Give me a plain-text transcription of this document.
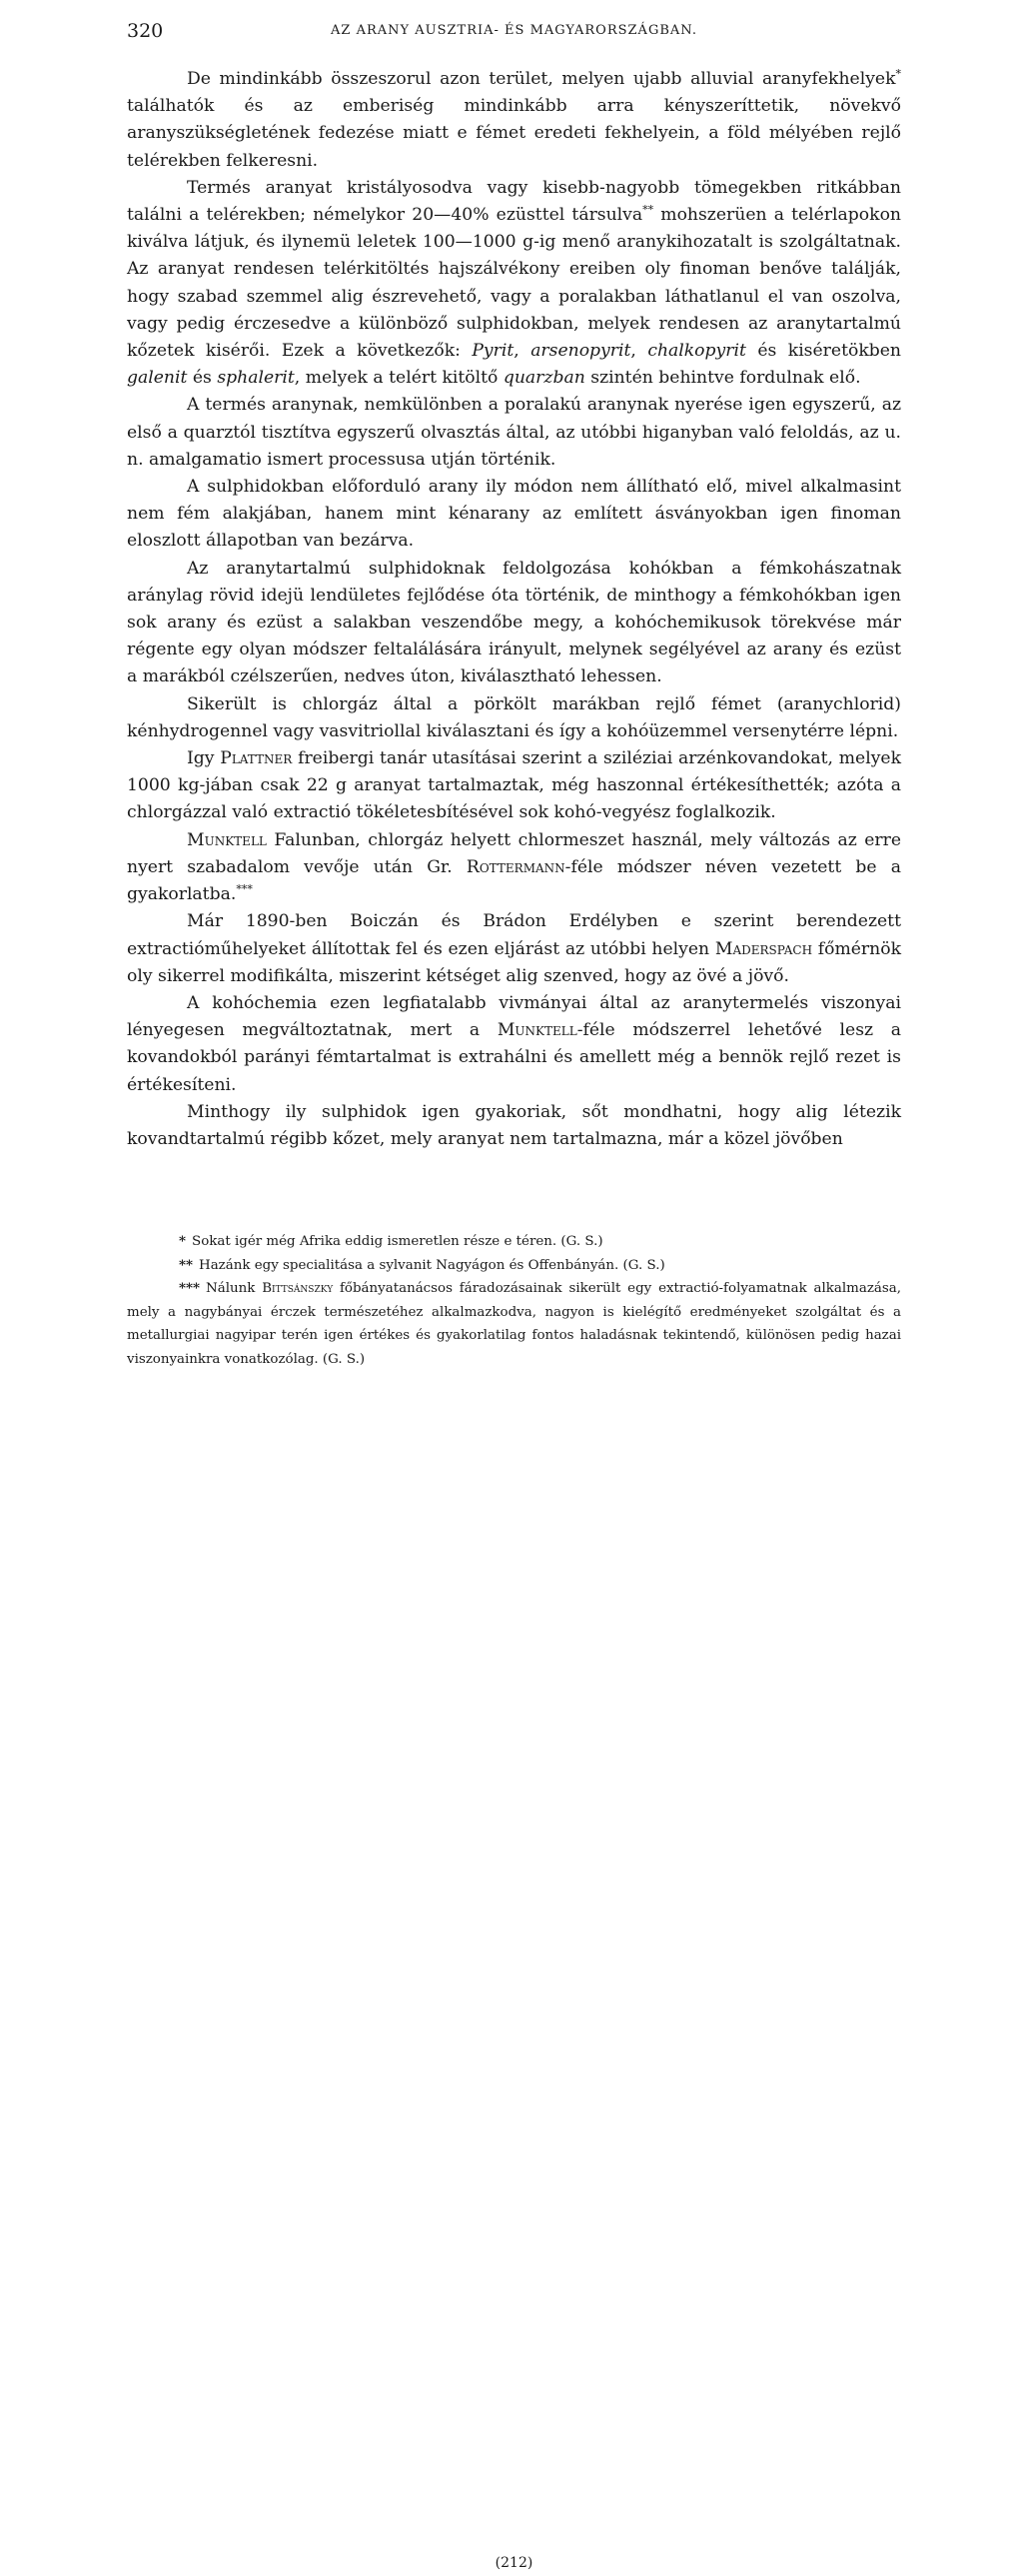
320	AZ ARANY AUSZTRIA- ÉS MAGYARORSZÁGBAN.

De mindinkább összeszorul azon terület, melyen ujabb alluvial aranyfekhelyek* találhatók és az emberiség mindinkább arra kényszeríttetik, növekvő aranyszükségletének fedezése miatt e fémet eredeti fekhelyein, a föld mélyében rejlő telérekben felkeresni.

Termés aranyat kristályosodva vagy kisebb-nagyobb tömegekben ritkábban találni a telérekben; némelykor 20—40% ezüsttel társulva** mohszerüen a telérlapokon kiválva látjuk, és ilynemü leletek 100—1000 g-ig menő aranykihozatalt is szolgáltatnak. Az aranyat rendesen telérkitöltés hajszálvékony ereiben oly finoman benőve találják, hogy szabad szemmel alig észrevehető, vagy a poralakban láthatlanul el van oszolva, vagy pedig érczesedve a különböző sulphidokban, melyek rendesen az aranytartalmú kőzetek kisérői. Ezek a következők: Pyrit, arsenopyrit, chalkopyrit és kiséretökben galenit és sphalerit, melyek a telért kitöltő quarzban szintén behintve fordulnak elő.

A termés aranynak, nemkülönben a poralakú aranynak nyerése igen egyszerű, az első a quarztól tisztítva egyszerű olvasztás által, az utóbbi higanyban való feloldás, az u. n. amalgamatio ismert processusa utján történik.

A sulphidokban előforduló arany ily módon nem állítható elő, mivel alkalmasint nem fém alakjában, hanem mint kénarany az említett ásványokban igen finoman eloszlott állapotban van bezárva.

Az aranytartalmú sulphidoknak feldolgozása kohókban a fémkohászatnak aránylag rövid idejü lendületes fejlődése óta történik, de minthogy a fémkohókban igen sok arany és ezüst a salakban veszendőbe megy, a kohóchemikusok törekvése már régente egy olyan módszer feltalálására irányult, melynek segélyével az arany és ezüst a marákból czélszerűen, nedves úton, kiválasztható lehessen.

Sikerült is chlorgáz által a pörkölt marákban rejlő fémet (aranychlorid) kénhydrogennel vagy vasvitriollal kiválasztani és így a kohóüzemmel versenytérre lépni.

Igy Plattner freibergi tanár utasításai szerint a sziléziai arzénkovandokat, melyek 1000 kg-jában csak 22 g aranyat tartalmaztak, még haszonnal értékesíthették; azóta a chlorgázzal való extractió tökéletesbítésével sok kohó-vegyész foglalkozik.

Munktell Falunban, chlorgáz helyett chlormeszet használ, mely változás az erre nyert szabadalom vevője után Gr. Rottermann-féle módszer néven vezetett be a gyakorlatba.***

Már 1890-ben Boiczán és Brádon Erdélyben e szerint berendezett extractióműhelyeket állítottak fel és ezen eljárást az utóbbi helyen Maderspach főmérnök oly sikerrel modifikálta, miszerint kétséget alig szenved, hogy az övé a jövő.

A kohóchemia ezen legfiatalabb vivmányai által az aranytermelés viszonyai lényegesen megváltoztatnak, mert a Munktell-féle módszerrel lehetővé lesz a kovandokból parányi fémtartalmat is extrahálni és amellett még a bennök rejlő rezet is értékesíteni.

Minthogy ily sulphidok igen gyakoriak, sőt mondhatni, hogy alig létezik kovandtartalmú régibb kőzet, mely aranyat nem tartalmazna, már a közel jövőben

* Sokat igér még Afrika eddig ismeretlen része e téren. (G. S.)

** Hazánk egy specialitása a sylvanit Nagyágon és Offenbányán. (G. S.)

*** Nálunk Bittsánszky főbányatanácsos fáradozásainak sikerült egy extractió-folyamatnak alkalmazása, mely a nagybányai érczek természetéhez alkalmazkodva, nagyon is kielégítő eredményeket szolgáltat és a metallurgiai nagyipar terén igen értékes és gyakorlatilag fontos haladásnak tekintendő, különösen pedig hazai viszonyainkra vonatkozólag. (G. S.)

(212)
